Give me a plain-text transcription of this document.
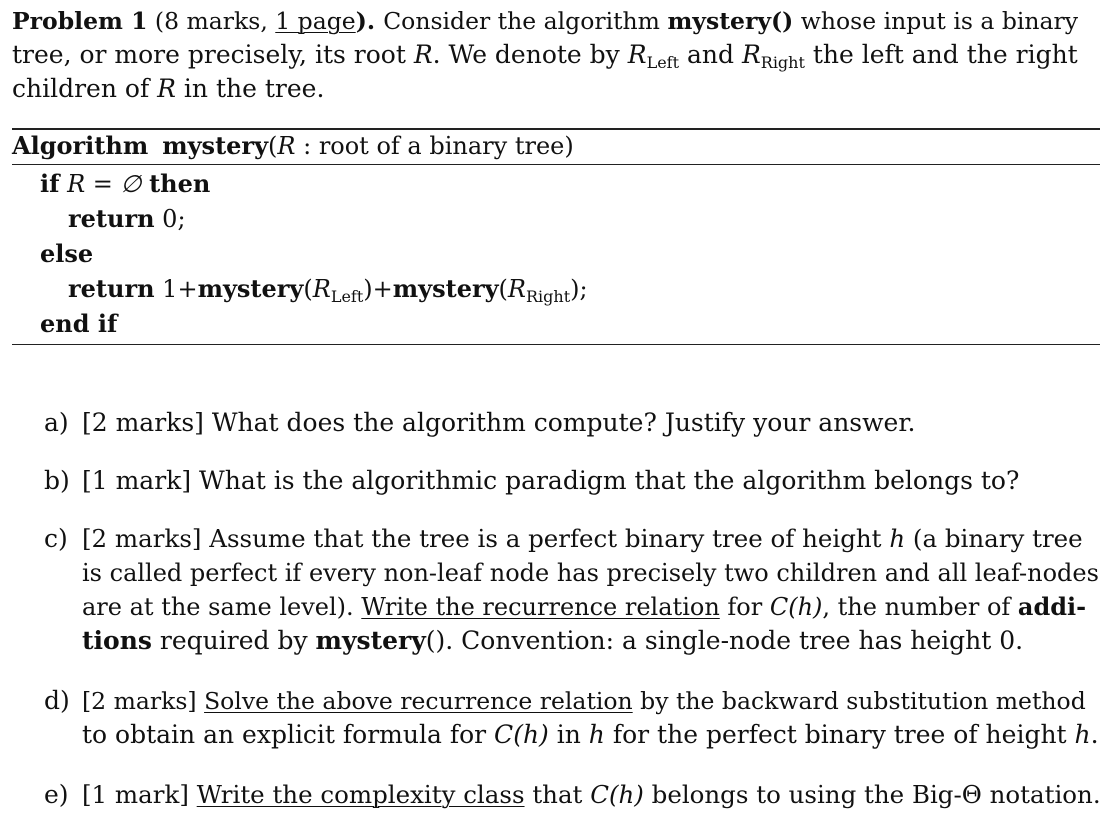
Problem 1 (8 marks, 1 page). Consider the algorithm mystery() whose input is a binary
tree, or more precisely, its root R. We denote by $R_{Left}$ and $R_{Right}$ the left and the right
children of R in the tree.
Algorithm mystery(R : root of a binary tree)
if R = ∅ then
return 0;
else
return $1+mystery(R_{Left})+mystery(R_{Right})$;
end if
a) [2 marks] What does the algorithm compute? Justify your answer.
b) [1 mark] What is the algorithmic paradigm that the algorithm belongs to?
c) [2 marks] Assume that the tree is a perfect binary tree of height h (a binary tree
is called perfect if every non-leaf node has precisely two children and all leaf-nodes
are at the same level). Write the recurrence relation for C(h), the number of addi-
tions required by mystery(). Convention: a single-node tree has height 0.
d) [2 marks] Solve the above recurrence relation by the backward substitution method
to obtain an explicit formula for C(h) in h for the perfect binary tree of height h.
e) [1 mark] Write the complexity class that C(h) belongs to using the Big-Θ notation.
